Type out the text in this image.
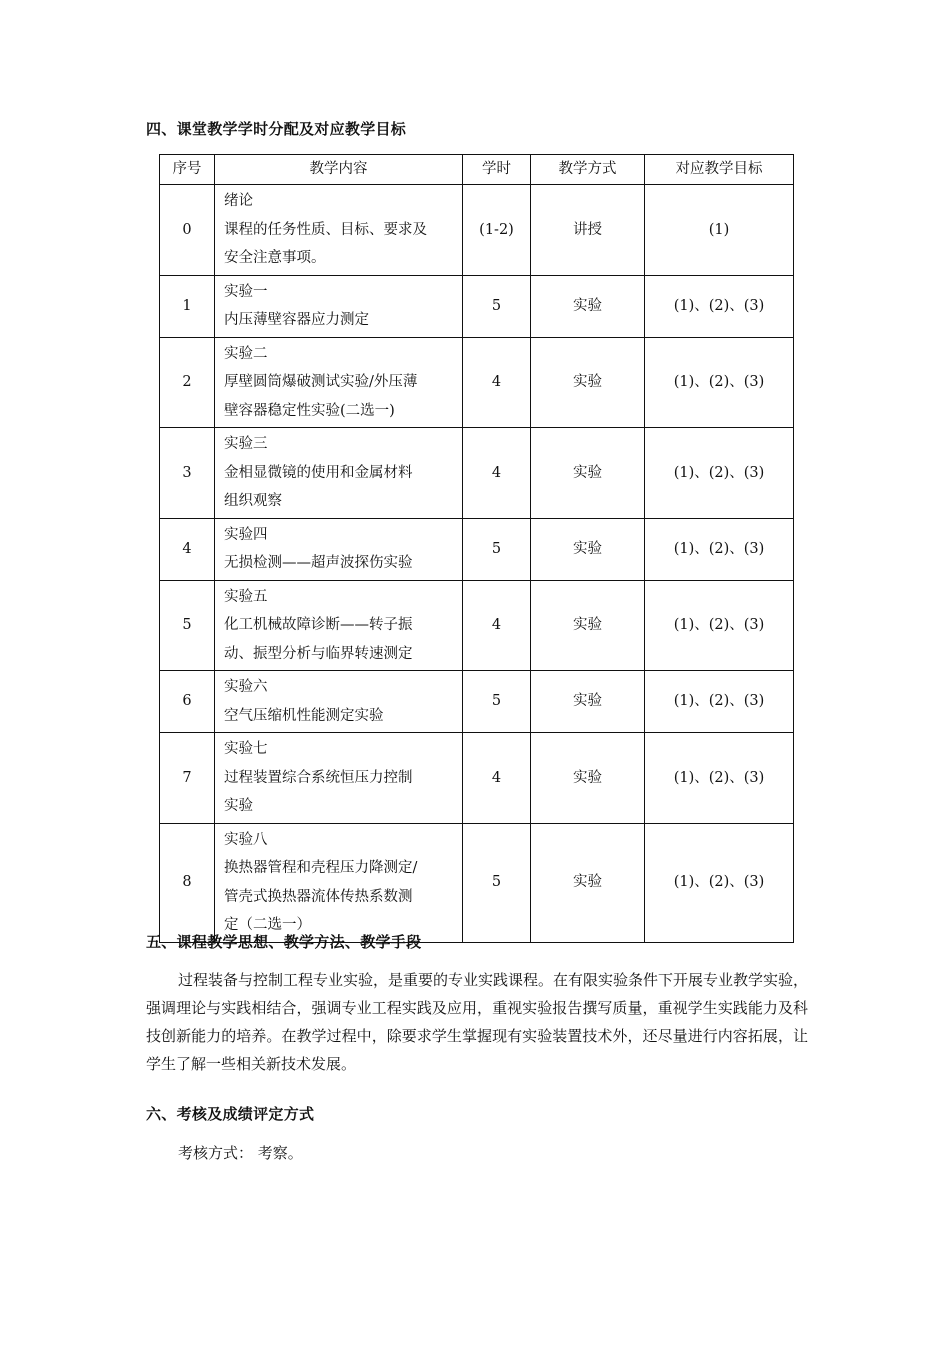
四、课堂教学学时分配及对应教学目标
序号	教学内容	学时	教学方式	对应教学目标
0	绪论
课程的任务性质、目标、要求及
安全注意事项。	(1-2)	讲授	(1)
1	实验一
内压薄壁容器应力测定	5	实验	(1)、(2)、(3)
2	实验二
厚壁圆筒爆破测试实验/外压薄
壁容器稳定性实验(二选一)	4	实验	(1)、(2)、(3)
3	实验三
金相显微镜的使用和金属材料
组织观察	4	实验	(1)、(2)、(3)
4	实验四
无损检测——超声波探伤实验	5	实验	(1)、(2)、(3)
5	实验五
化工机械故障诊断——转子振
动、振型分析与临界转速测定	4	实验	(1)、(2)、(3)
6	实验六
空气压缩机性能测定实验	5	实验	(1)、(2)、(3)
7	实验七
过程装置综合系统恒压力控制
实验	4	实验	(1)、(2)、(3)
8	实验八
换热器管程和壳程压力降测定/
管壳式换热器流体传热系数测
定（二选一）	5	实验	(1)、(2)、(3)
五、课程教学思想、教学方法、教学手段

过程装备与控制工程专业实验，是重要的专业实践课程。在有限实验条件下开展专业教学实验，强调理论与实践相结合，强调专业工程实践及应用，重视实验报告撰写质量，重视学生实践能力及科技创新能力的培养。在教学过程中，除要求学生掌握现有实验装置技术外，还尽量进行内容拓展，让学生了解一些相关新技术发展。

六、考核及成绩评定方式

考核方式： 考察。
